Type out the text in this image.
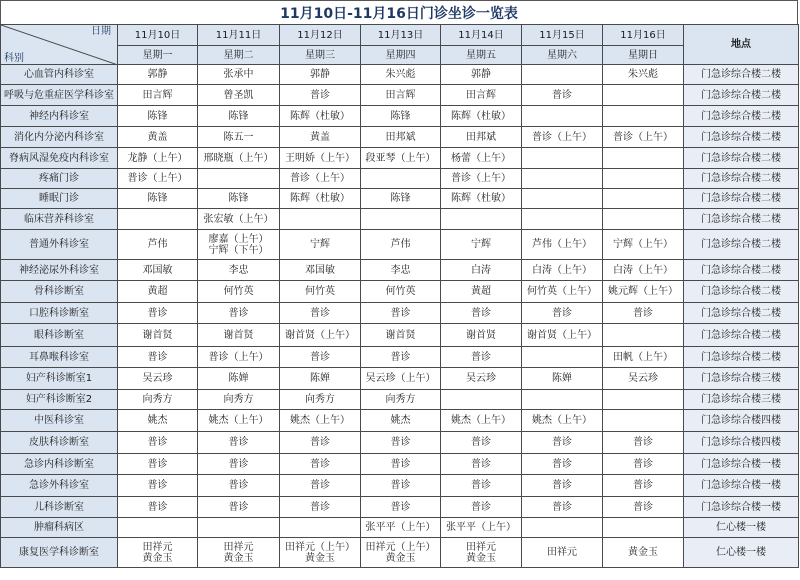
11月10日-11月16日门诊坐诊一览表
日期
科别	11月10日	11月11日	11月12日	11月13日	11月14日	11月15日	11月16日	地点
	星期一	星期二	星期三	星期四	星期五	星期六	星期日	
心血管内科诊室	郭静	张承中	郭静	朱兴彪	郭静		朱兴彪	门急诊综合楼二楼
呼吸与危重症医学科诊室	田言辉	曾圣凯	普诊	田言辉	田言辉	普诊		门急诊综合楼二楼
神经内科诊室	陈锋	陈锋	陈辉（杜敏）	陈锋	陈辉（杜敏）			门急诊综合楼二楼
消化内分泌内科诊室	黄盖	陈五一	黄盖	田邦斌	田邦斌	普诊（上午）	普诊（上午）	门急诊综合楼二楼
脊病风湿免疫内科诊室	龙静（上午）	邢晓瓶（上午）	王明娇（上午）	段亚琴（上午）	杨蕾（上午）			门急诊综合楼二楼
疼痛门诊	普诊（上午）		普诊（上午）		普诊（上午）			门急诊综合楼二楼
睡眠门诊	陈锋	陈锋	陈辉（杜敏）	陈锋	陈辉（杜敏）			门急诊综合楼二楼
临床营养科诊室		张宏敏（上午）						门急诊综合楼二楼
普通外科诊室	芦伟	廖嘉（上午）
宁辉（下午）	宁辉	芦伟	宁辉	芦伟（上午）	宁辉（上午）	门急诊综合楼二楼
神经泌尿外科诊室	邓国敏	李忠	邓国敏	李忠	白涛	白涛（上午）	白涛（上午）	门急诊综合楼二楼
骨科诊断室	黄超	何竹英	何竹英	何竹英	黄超	何竹英（上午）	姚元辉（上午）	门急诊综合楼二楼
口腔科诊断室	普诊	普诊	普诊	普诊	普诊	普诊	普诊	门急诊综合楼二楼
眼科诊断室	谢首贤	谢首贤	谢首贤（上午）	谢首贤	谢首贤	谢首贤（上午）		门急诊综合楼二楼
耳鼻喉科诊室	普诊	普诊（上午）	普诊	普诊	普诊		田帆（上午）	门急诊综合楼二楼
妇产科诊断室1	吴云珍	陈婵	陈婵	吴云珍（上午）	吴云珍	陈婵	吴云珍	门急诊综合楼三楼
妇产科诊断室2	向秀方	向秀方	向秀方	向秀方				门急诊综合楼三楼
中医科诊室	姚杰	姚杰（上午）	姚杰（上午）	姚杰	姚杰（上午）	姚杰（上午）		门急诊综合楼四楼
皮肤科诊断室	普诊	普诊	普诊	普诊	普诊	普诊	普诊	门急诊综合楼四楼
急诊内科诊断室	普诊	普诊	普诊	普诊	普诊	普诊	普诊	门急诊综合楼一楼
急诊外科诊室	普诊	普诊	普诊	普诊	普诊	普诊	普诊	门急诊综合楼一楼
儿科诊断室	普诊	普诊	普诊	普诊	普诊	普诊	普诊	门急诊综合楼一楼
肿瘤科病区				张平平（上午）	张平平（上午）			仁心楼一楼
康复医学科诊断室	田祥元
黄金玉	田祥元
黄金玉	田祥元（上午）
黄金玉	田祥元（上午）
黄金玉	田祥元
黄金玉	田祥元	黄金玉	仁心楼一楼
